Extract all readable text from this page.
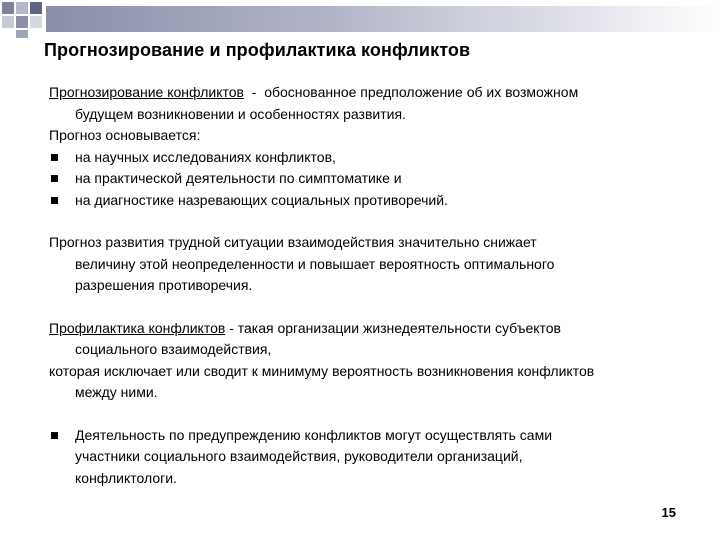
Прогнозирование и профилактика конфликтов

Прогнозирование конфликтов  -  обоснованное предположение об их возможном
будущем возникновении и особенностях развития.

Прогноз основывается:

на научных исследованиях конфликтов,
на практической деятельности по симптоматике и
на диагностике назревающих социальных противоречий.

Прогноз развития трудной ситуации взаимодействия значительно снижает
величину этой неопределенности и повышает вероятность оптимального
разрешения противоречия.

Профилактика конфликтов - такая организации жизнедеятельности субъектов
социального взаимодействия,
которая исключает или сводит к минимуму вероятность возникновения конфликтов
между ними.

Деятельность по предупреждению конфликтов могут осуществлять сами
участники социального взаимодействия, руководители организаций,
конфликтологи.
15
